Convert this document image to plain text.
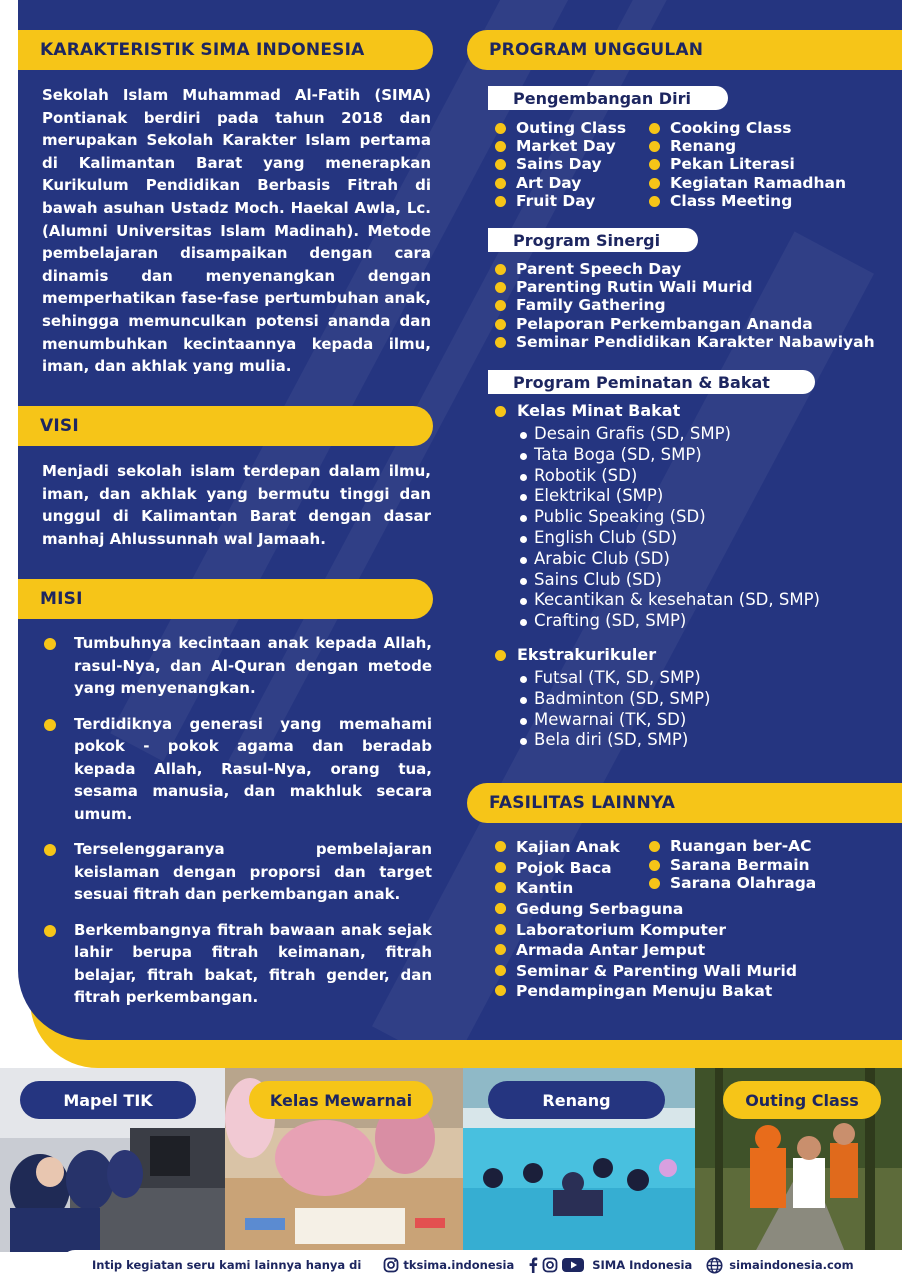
KARAKTERISTIK SIMA INDONESIA

Sekolah Islam Muhammad Al-Fatih (SIMA) Pontianak berdiri pada tahun 2018 dan merupakan Sekolah Karakter Islam pertama di Kalimantan Barat yang menerapkan Kurikulum Pendidikan Berbasis Fitrah di bawah asuhan Ustadz Moch. Haekal Awla, Lc. (Alumni Universitas Islam Madinah). Metode pembelajaran disampaikan dengan cara dinamis dan menyenangkan dengan memperhatikan fase-fase pertumbuhan anak, sehingga memunculkan potensi ananda dan menumbuhkan kecintaannya kepada ilmu, iman, dan akhlak yang mulia.

VISI

Menjadi sekolah islam terdepan dalam ilmu, iman, dan akhlak yang bermutu tinggi dan unggul di Kalimantan Barat dengan dasar manhaj Ahlussunnah wal Jamaah.

MISI
Tumbuhnya kecintaan anak kepada Allah, rasul-Nya, dan Al-Quran dengan metode yang menyenangkan.
Terdidiknya generasi yang memahami pokok - pokok agama dan beradab kepada Allah, Rasul-Nya, orang tua, sesama manusia, dan makhluk secara umum.
Terselenggaranya pembelajaran keislaman dengan proporsi dan target sesuai fitrah dan perkembangan anak.
Berkembangnya fitrah bawaan anak sejak lahir berupa fitrah keimanan, fitrah belajar, fitrah bakat, fitrah gender, dan fitrah perkembangan.
PROGRAM UNGGULAN
Pengembangan Diri
Outing Class
Market Day
Sains Day
Art Day
Fruit Day
Cooking Class
Renang
Pekan Literasi
Kegiatan Ramadhan
Class Meeting
Program Sinergi
Parent Speech Day
Parenting Rutin Wali Murid
Family Gathering
Pelaporan Perkembangan Ananda
Seminar Pendidikan Karakter Nabawiyah
Program Peminatan & Bakat
Kelas Minat Bakat
Desain Grafis (SD, SMP)
Tata Boga (SD, SMP)
Robotik (SD)
Elektrikal (SMP)
Public Speaking (SD)
English Club (SD)
Arabic Club (SD)
Sains Club (SD)
Kecantikan & kesehatan (SD, SMP)
Crafting (SD, SMP)
Ekstrakurikuler
Futsal (TK, SD, SMP)
Badminton (SD, SMP)
Mewarnai (TK, SD)
Bela diri (SD, SMP)
FASILITAS LAINNYA
Kajian Anak
Pojok Baca
Kantin
Ruangan ber-AC
Sarana Bermain
Sarana Olahraga
Gedung Serbaguna
Laboratorium Komputer
Armada Antar Jemput
Seminar & Parenting Wali Murid
Pendampingan Menuju Bakat
Mapel TIK	Kelas Mewarnai	Renang	Outing Class
Intip kegiatan seru kami lainnya hanya di	tksima.indonesia	SIMA Indonesia	simaindonesia.com
